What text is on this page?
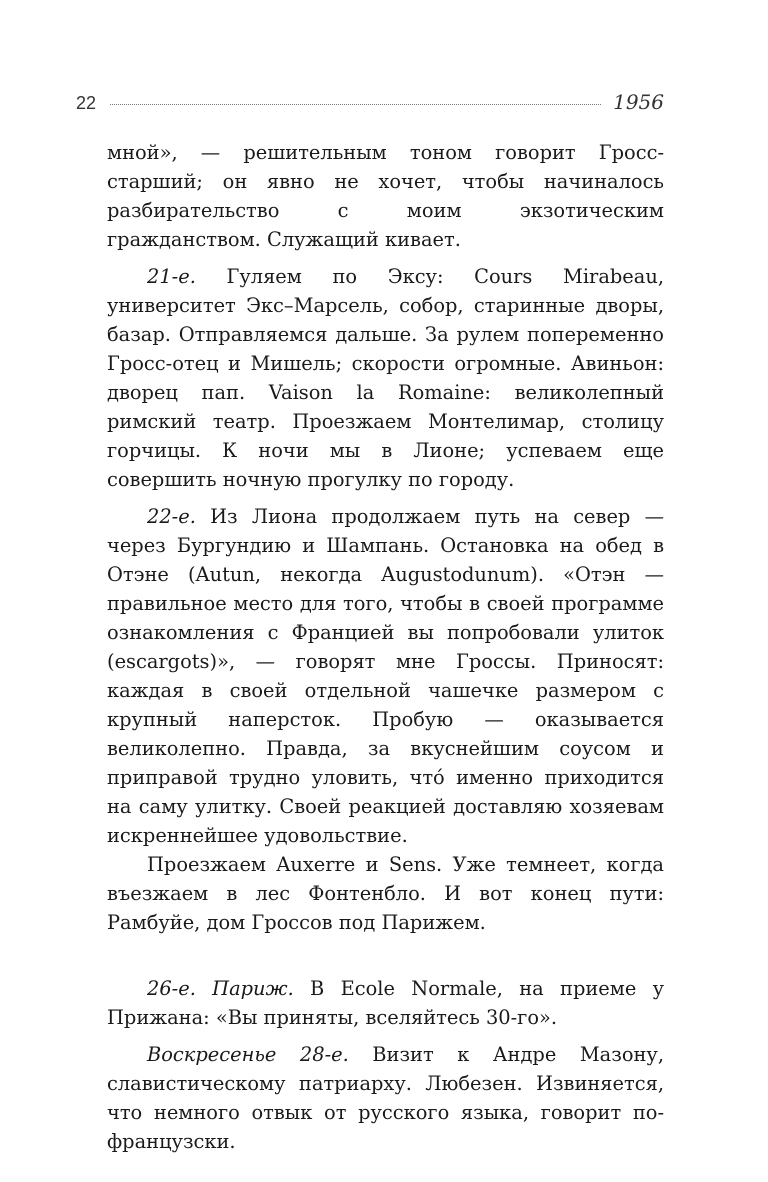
22	1956

мной», — решительным тоном говорит Гросс-старший; он явно не хочет, чтобы начиналось разбирательство с моим экзотическим гражданством. Служащий кивает.

21-е. Гуляем по Эксу: Cours Mirabeau, университет Экс–Марсель, собор, старинные дворы, базар. Отправляемся дальше. За рулем попеременно Гросс-отец и Мишель; скорости огромные. Авиньон: дворец пап. Vaison la Romaine: великолепный римский театр. Проезжаем Монтелимар, столицу горчицы. К ночи мы в Лионе; успеваем еще совершить ночную прогулку по городу.

22-е. Из Лиона продолжаем путь на север — через Бургундию и Шампань. Остановка на обед в Отэне (Autun, некогда Augustodunum). «Отэн — правильное место для того, чтобы в своей программе ознакомления с Францией вы попробовали улиток (escargots)», — говорят мне Гроссы. Приносят: каждая в своей отдельной чашечке размером с крупный наперсток. Пробую — оказывается великолепно. Правда, за вкуснейшим соусом и приправой трудно уловить, что́ именно приходится на саму улитку. Своей реакцией доставляю хозяевам искреннейшее удовольствие.

Проезжаем Auxerre и Sens. Уже темнеет, когда въезжаем в лес Фонтенбло. И вот конец пути: Рамбуйе, дом Гроссов под Парижем.

26-е. Париж. В Ecole Normale, на приеме у Прижана: «Вы приняты, вселяйтесь 30-го».

Воскресенье 28-е. Визит к Андре Мазону, славистическому патриарху. Любезен. Извиняется, что немного отвык от русского языка, говорит по-французски.
